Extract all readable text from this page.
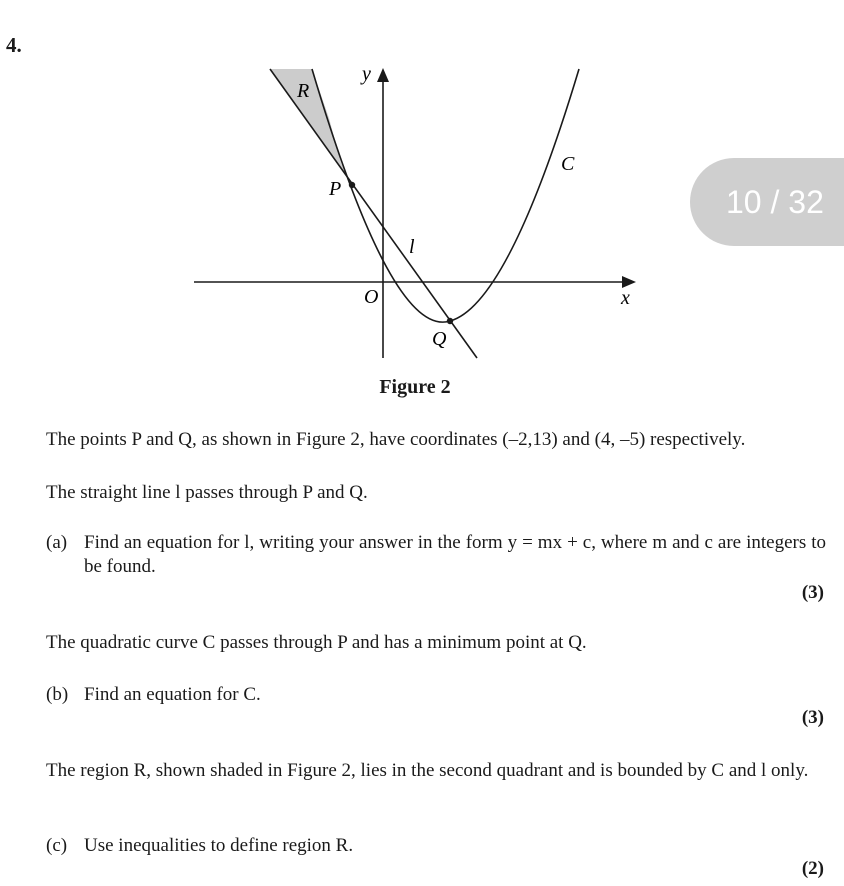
4.
y
x
O
C
l
P
Q
R
Figure 2
10 / 32
The points P and Q, as shown in Figure 2, have coordinates (–2,13) and (4, –5) respectively.
The straight line l passes through P and Q.
(a) Find an equation for l, writing your answer in the form y = mx + c, where m and c are integers to be found.
(3)
The quadratic curve C passes through P and has a minimum point at Q.
(b) Find an equation for C.
(3)
The region R, shown shaded in Figure 2, lies in the second quadrant and is bounded by C and l only.
(c) Use inequalities to define region R.
(2)
